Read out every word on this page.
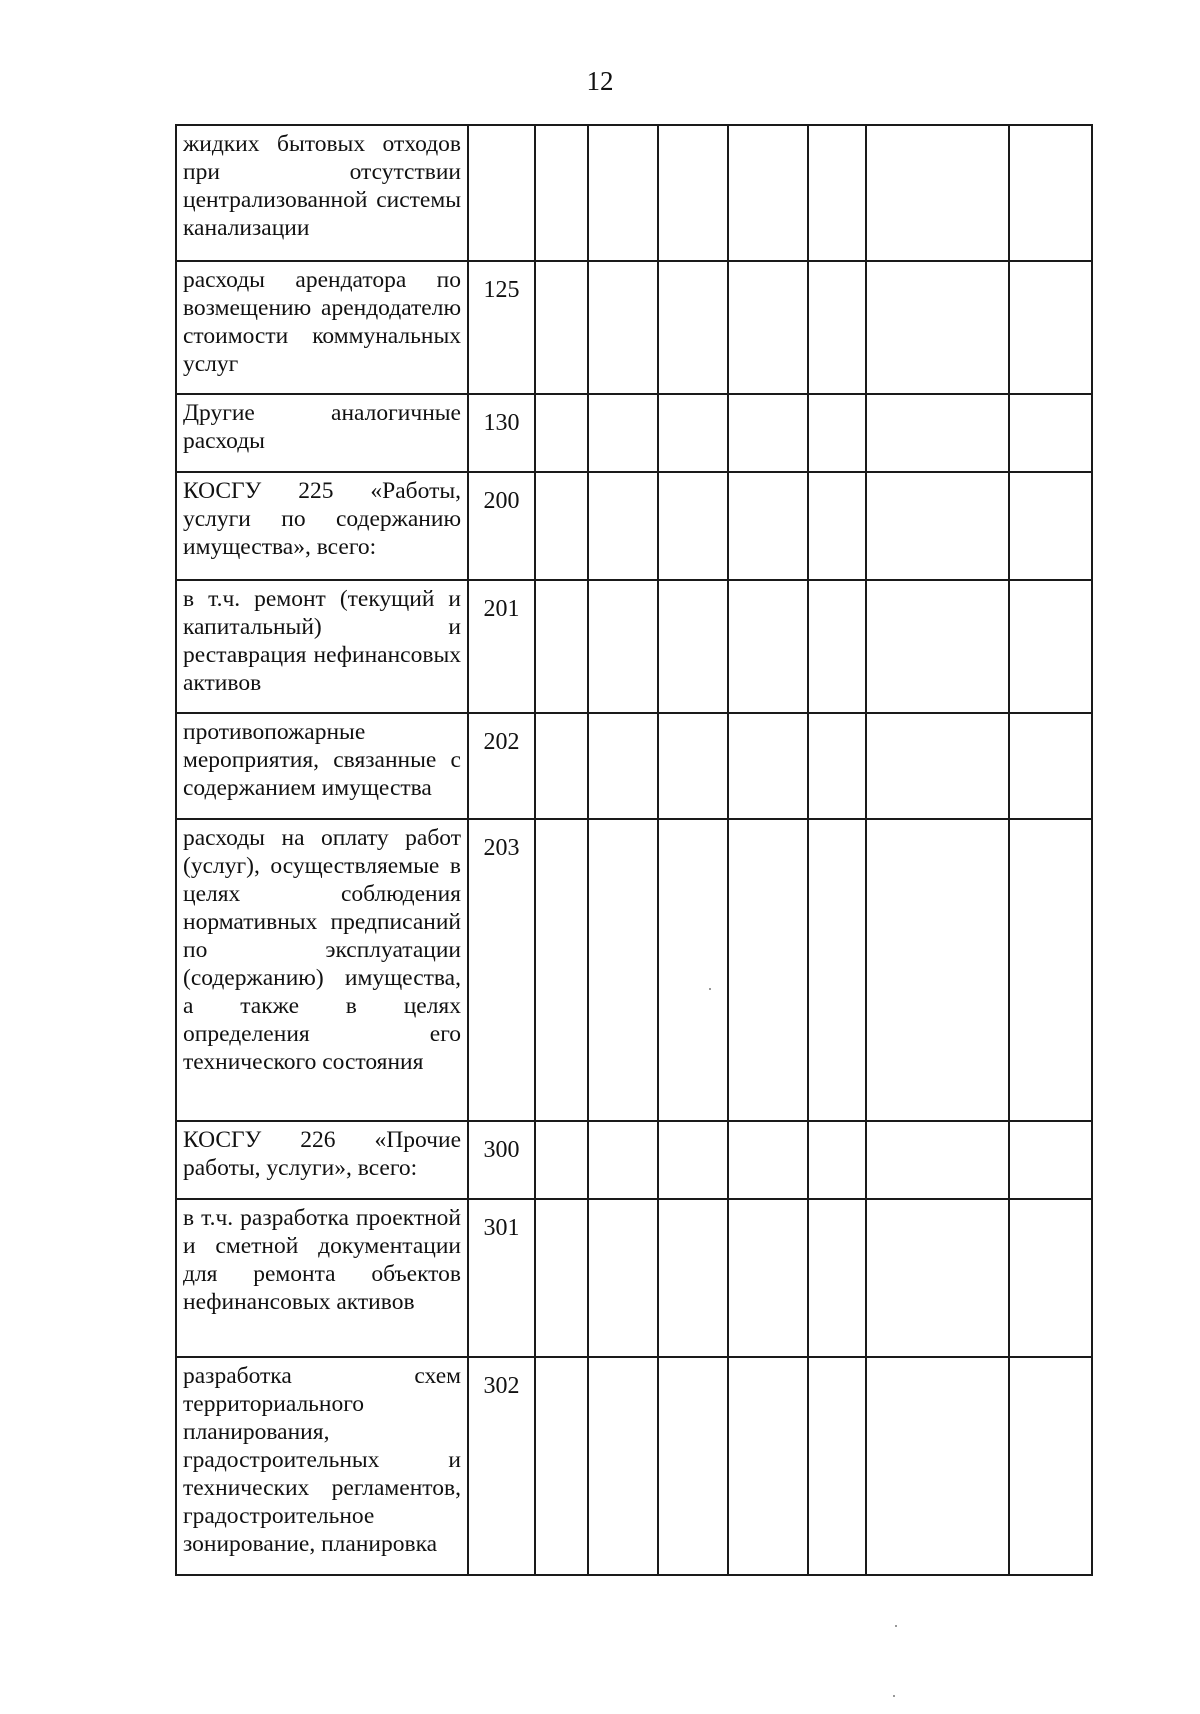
12
жидких бытовых отходов при отсутствии централизованной системы канализации								
расходы арендатора по возмещению арендодателю стоимости коммунальных услуг	125							
Другие аналогичные расходы	130							
КОСГУ 225 «Работы, услуги по содержанию имущества», всего:	200							
в т.ч. ремонт (текущий и капитальный) и реставрация нефинансовых активов	201							
противопожарные мероприятия, связанные с содержанием имущества	202							
расходы на оплату работ (услуг), осуществляемые в целях соблюдения нормативных предписаний по эксплуатации (содержанию) имущества, а также в целях определения его технического состояния	203							
КОСГУ 226 «Прочие работы, услуги», всего:	300							
в т.ч. разработка проектной и сметной документации для ремонта объектов нефинансовых активов	301							
разработка схем территориального планирования, градостроительных и технических регламентов, градостроительное зонирование, планировка	302							
